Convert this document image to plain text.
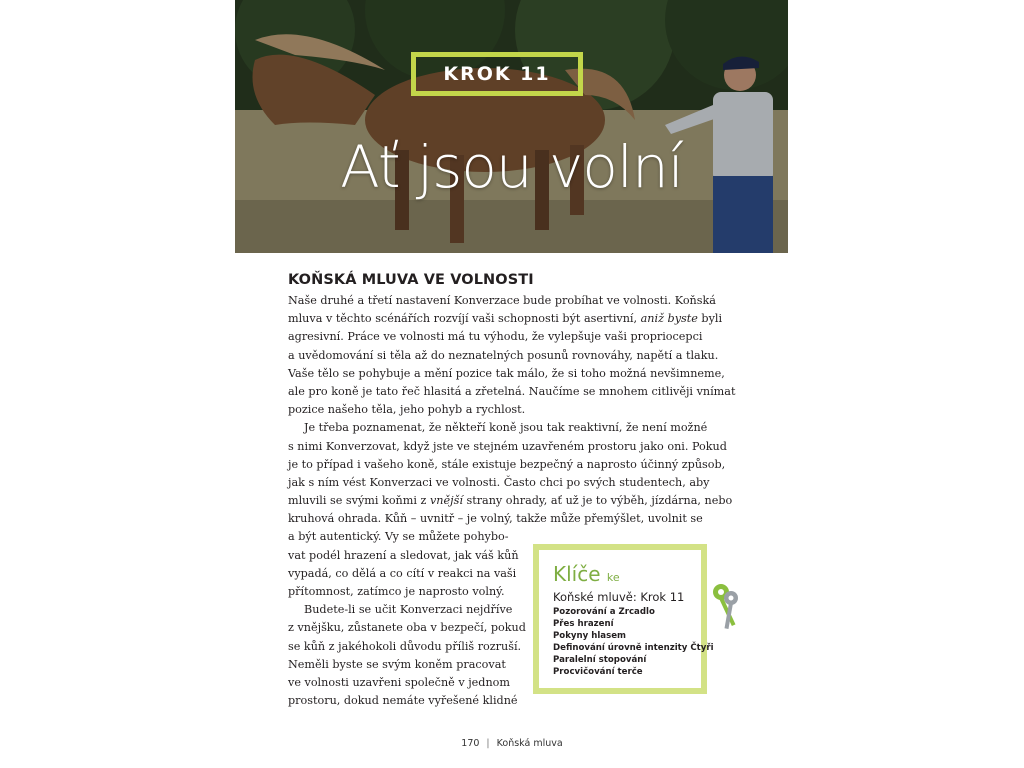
KROK 11
Ať jsou volní
KOŇSKÁ MLUVA VE VOLNOSTI
Naše druhé a třetí nastavení Konverzace bude probíhat ve volnosti. Koňská
mluva v těchto scénářích rozvíjí vaši schopnosti být asertivní, aniž byste byli
agresivní. Práce ve volnosti má tu výhodu, že vylepšuje vaši propriocepci
a uvědomování si těla až do neznatelných posunů rovnováhy, napětí a tlaku.
Vaše tělo se pohybuje a mění pozice tak málo, že si toho možná nevšimneme,
ale pro koně je tato řeč hlasitá a zřetelná. Naučíme se mnohem citlivěji vnímat
pozice našeho těla, jeho pohyb a rychlost.
Je třeba poznamenat, že někteří koně jsou tak reaktivní, že není možné
s nimi Konverzovat, když jste ve stejném uzavřeném prostoru jako oni. Pokud
je to případ i vašeho koně, stále existuje bezpečný a naprosto účinný způsob,
jak s ním vést Konverzaci ve volnosti. Často chci po svých studentech, aby
mluvili se svými koňmi z vnější strany ohrady, ať už je to výběh, jízdárna, nebo
kruhová ohrada. Kůň – uvnitř – je volný, takže může přemýšlet, uvolnit se
a být autentický. Vy se můžete pohybo-
vat podél hrazení a sledovat, jak váš kůň
vypadá, co dělá a co cítí v reakci na vaši
přítomnost, zatímco je naprosto volný.
Budete-li se učit Konverzaci nejdříve
z vnějšku, zůstanete oba v bezpečí, pokud
se kůň z jakéhokoli důvodu příliš rozruší.
Neměli byste se svým koněm pracovat
ve volnosti uzavřeni společně v jednom
prostoru, dokud nemáte vyřešené klidné
Klíče ke
Koňské mluvě: Krok 11
Pozorování a Zrcadlo
Přes hrazení
Pokyny hlasem
Definování úrovně intenzity Čtyři
Paralelní stopování
Procvičování terče
170 | Koňská mluva
